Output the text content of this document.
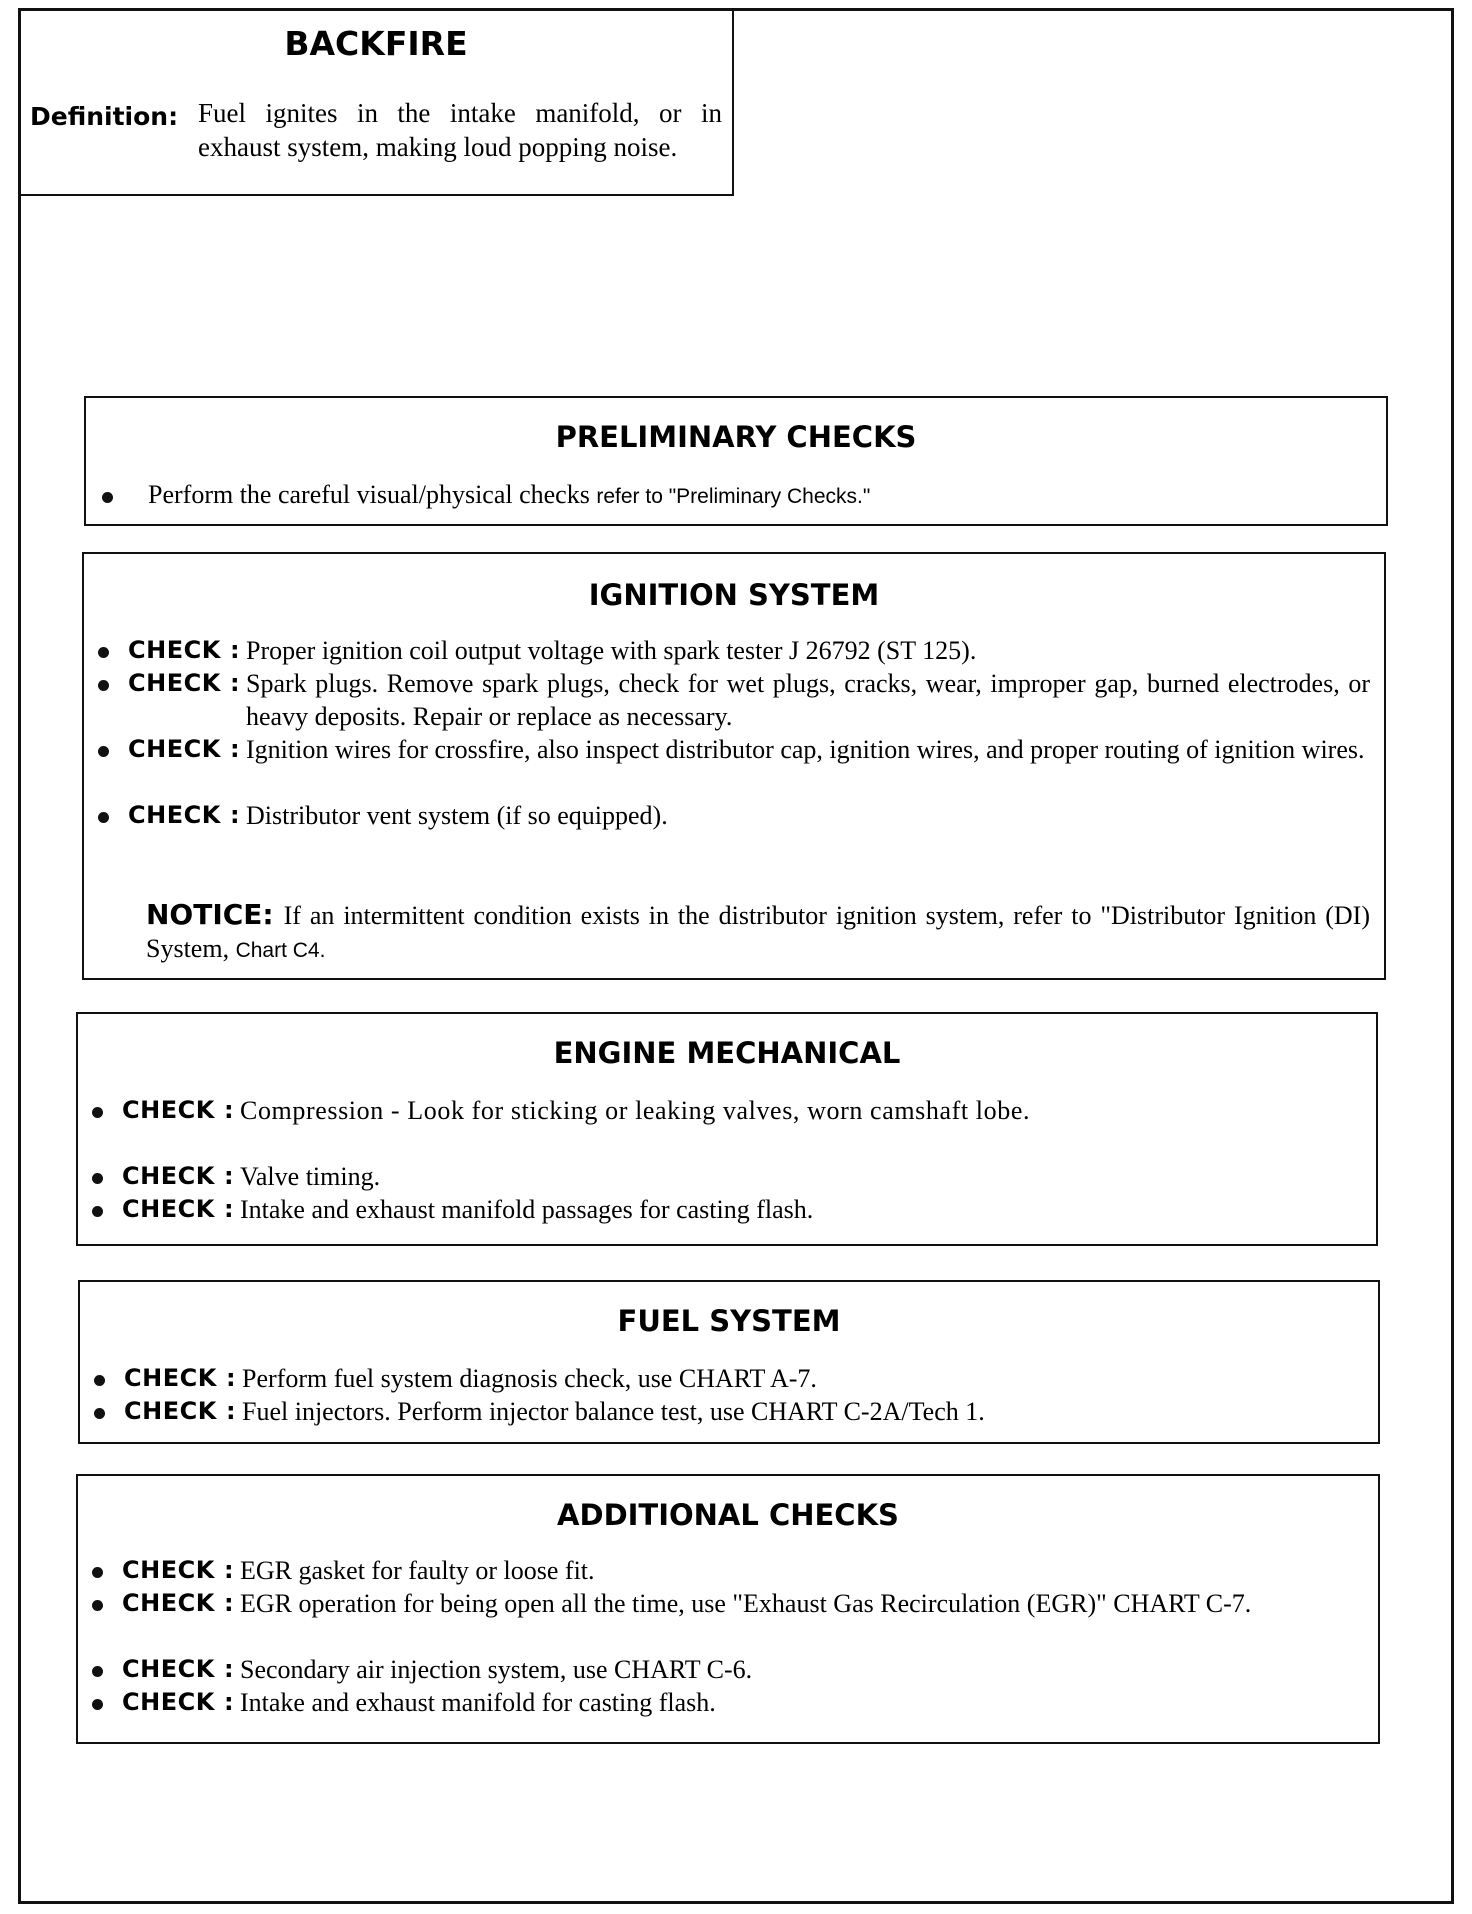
BACKFIRE
Definition: Fuel ignites in the intake manifold, or in exhaust system, making loud popping noise.
PRELIMINARY CHECKS
Perform the careful visual/physical checks refer to "Preliminary Checks."
IGNITION SYSTEM
CHECK : Proper ignition coil output voltage with spark tester J 26792 (ST 125).
CHECK : Spark plugs. Remove spark plugs, check for wet plugs, cracks, wear, improper gap, burned electrodes, or heavy deposits. Repair or replace as necessary.
CHECK : Ignition wires for crossfire, also inspect distributor cap, ignition wires, and proper routing of ignition wires.
CHECK : Distributor vent system (if so equipped).
NOTICE: If an intermittent condition exists in the distributor ignition system, refer to "Distributor Ignition (DI) System, Chart C4.
ENGINE MECHANICAL
CHECK : Compression - Look for sticking or leaking valves, worn camshaft lobe.
CHECK : Valve timing.
CHECK : Intake and exhaust manifold passages for casting flash.
FUEL SYSTEM
CHECK : Perform fuel system diagnosis check, use CHART A-7.
CHECK : Fuel injectors. Perform injector balance test, use CHART C-2A/Tech 1.
ADDITIONAL CHECKS
CHECK : EGR gasket for faulty or loose fit.
CHECK : EGR operation for being open all the time, use "Exhaust Gas Recirculation (EGR)" CHART C-7.
CHECK : Secondary air injection system, use CHART C-6.
CHECK : Intake and exhaust manifold for casting flash.
